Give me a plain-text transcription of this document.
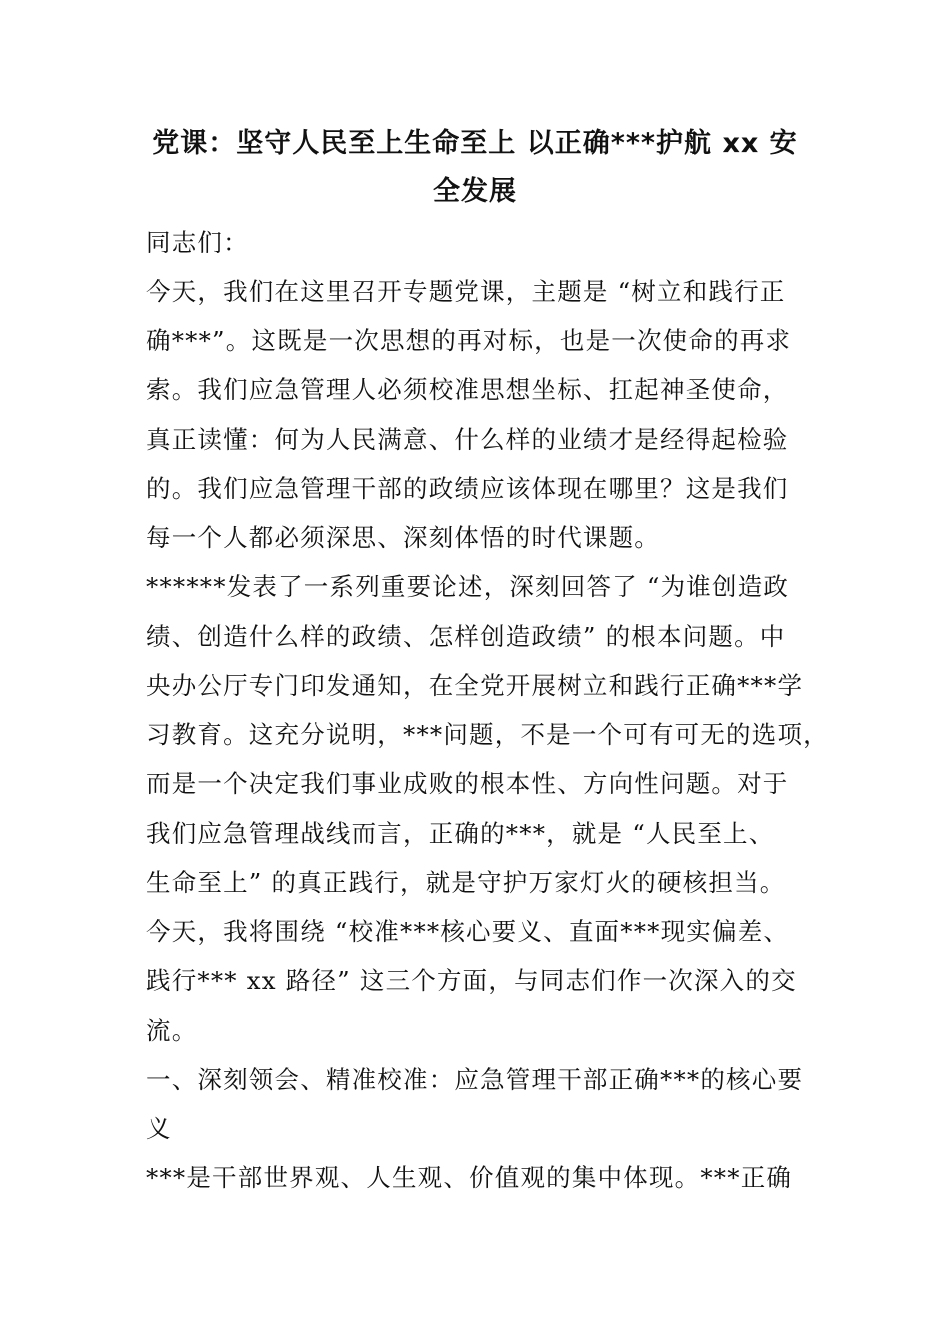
党课：坚守人民至上生命至上 以正确***护航 xx 安
全发展

同志们：

今天，我们在这里召开专题党课，主题是 “树立和践行正

确***”。这既是一次思想的再对标，也是一次使命的再求

索。我们应急管理人必须校准思想坐标、扛起神圣使命，

真正读懂：何为人民满意、什么样的业绩才是经得起检验

的。我们应急管理干部的政绩应该体现在哪里？这是我们

每一个人都必须深思、深刻体悟的时代课题。

******发表了一系列重要论述，深刻回答了 “为谁创造政

绩、创造什么样的政绩、怎样创造政绩” 的根本问题。中

央办公厅专门印发通知，在全党开展树立和践行正确***学

习教育。这充分说明，***问题，不是一个可有可无的选项，

而是一个决定我们事业成败的根本性、方向性问题。对于

我们应急管理战线而言，正确的***，就是 “人民至上、

生命至上” 的真正践行，就是守护万家灯火的硬核担当。

今天，我将围绕 “校准***核心要义、直面***现实偏差、

践行*** xx 路径” 这三个方面，与同志们作一次深入的交

流。

一、深刻领会、精准校准：应急管理干部正确***的核心要

义

***是干部世界观、人生观、价值观的集中体现。***正确
